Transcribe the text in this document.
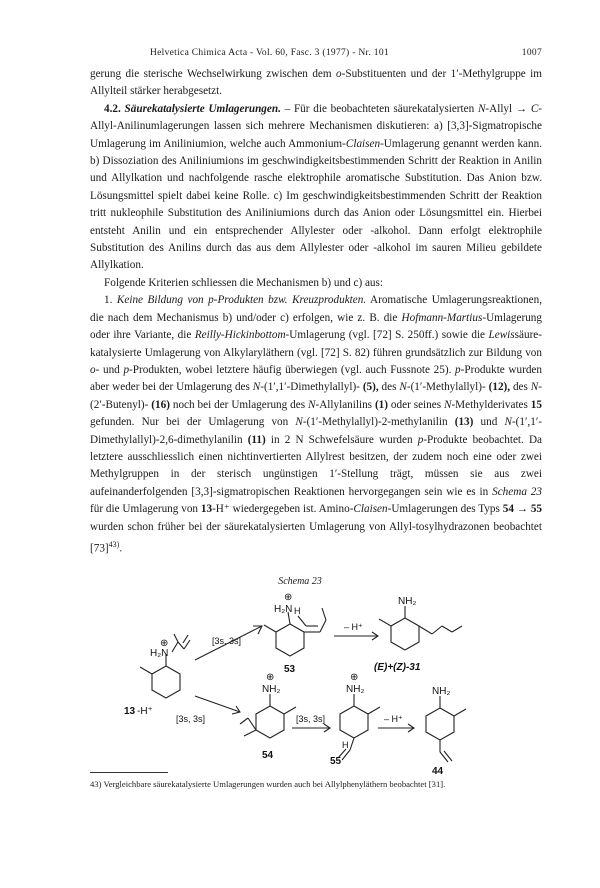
Helvetica Chimica Acta - Vol. 60, Fasc. 3 (1977) - Nr. 101	1007

gerung die sterische Wechselwirkung zwischen dem o-Substituenten und der 1′-Methylgruppe im Allylteil stärker herabgesetzt.

4.2. Säurekatalysierte Umlagerungen. – Für die beobachteten säurekatalysierten N-Allyl → C-Allyl-Anilinumlagerungen lassen sich mehrere Mechanismen diskutieren: a) [3,3]-Sigmatropische Umlagerung im Aniliniumion, welche auch Ammonium-Claisen-Umlagerung genannt werden kann. b) Dissoziation des Aniliniumions im geschwindigkeitsbestimmenden Schritt der Reaktion in Anilin und Allylkation und nachfolgende rasche elektrophile aromatische Substitution. Das Anion bzw. Lösungsmittel spielt dabei keine Rolle. c) Im geschwindigkeitsbestimmenden Schritt der Reaktion tritt nukleophile Substitution des Aniliniumions durch das Anion oder Lösungsmittel ein. Hierbei entsteht Anilin und ein entsprechender Allylester oder -alkohol. Dann erfolgt elektrophile Substitution des Anilins durch das aus dem Allylester oder -alkohol im sauren Milieu gebildete Allylkation.

Folgende Kriterien schliessen die Mechanismen b) und c) aus:

1. Keine Bildung von p-Produkten bzw. Kreuzprodukten. Aromatische Umlagerungsreaktionen, die nach dem Mechanismus b) und/oder c) erfolgen, wie z. B. die Hofmann-Martius-Umlagerung oder ihre Variante, die Reilly-Hickinbottom-Umlagerung (vgl. [72] S. 250ff.) sowie die Lewissäure-katalysierte Umlagerung von Alkylaryläthern (vgl. [72] S. 82) führen grundsätzlich zur Bildung von o- und p-Produkten, wobei letztere häufig überwiegen (vgl. auch Fussnote 25). p-Produkte wurden aber weder bei der Umlagerung des N-(1′,1′-Dimethylallyl)- (5), des N-(1′-Methylallyl)- (12), des N-(2′-Butenyl)- (16) noch bei der Umlagerung des N-Allylanilins (1) oder seines N-Methylderivates 15 gefunden. Nur bei der Umlagerung von N-(1′-Methylallyl)-2-methylanilin (13) und N-(1′,1′-Dimethylallyl)-2,6-dimethylanilin (11) in 2 N Schwefelsäure wurden p-Produkte beobachtet. Da letztere ausschliesslich einen nichtinvertierten Allylrest besitzen, der zudem noch eine oder zwei Methylgruppen in der sterisch ungünstigen 1′-Stellung trägt, müssen sie aus zwei aufeinanderfolgenden [3,3]-sigmatropischen Reaktionen hervorgegangen sein wie es in Schema 23 für die Umlagerung von 13-H⁺ wiedergegeben ist. Amino-Claisen-Umlagerungen des Typs 54 → 55 wurden schon früher bei der säurekatalysierten Umlagerung von Allyl-tosylhydrazonen beobachtet $[73]^{43)}$.

Schema 23
⊕
H₂N
13 -H⁺
[3s, 3s]
[3s, 3s]
⊕
H₂N H
53
– H⁺
NH₂
(E)+(Z)-31
⊕
NH₂
54
[3s, 3s]
⊕
NH₂
H
55
– H⁺
NH₂
44
43) Vergleichbare säurekatalysierte Umlagerungen wurden auch bei Allylphenyläthern beobachtet [31].
